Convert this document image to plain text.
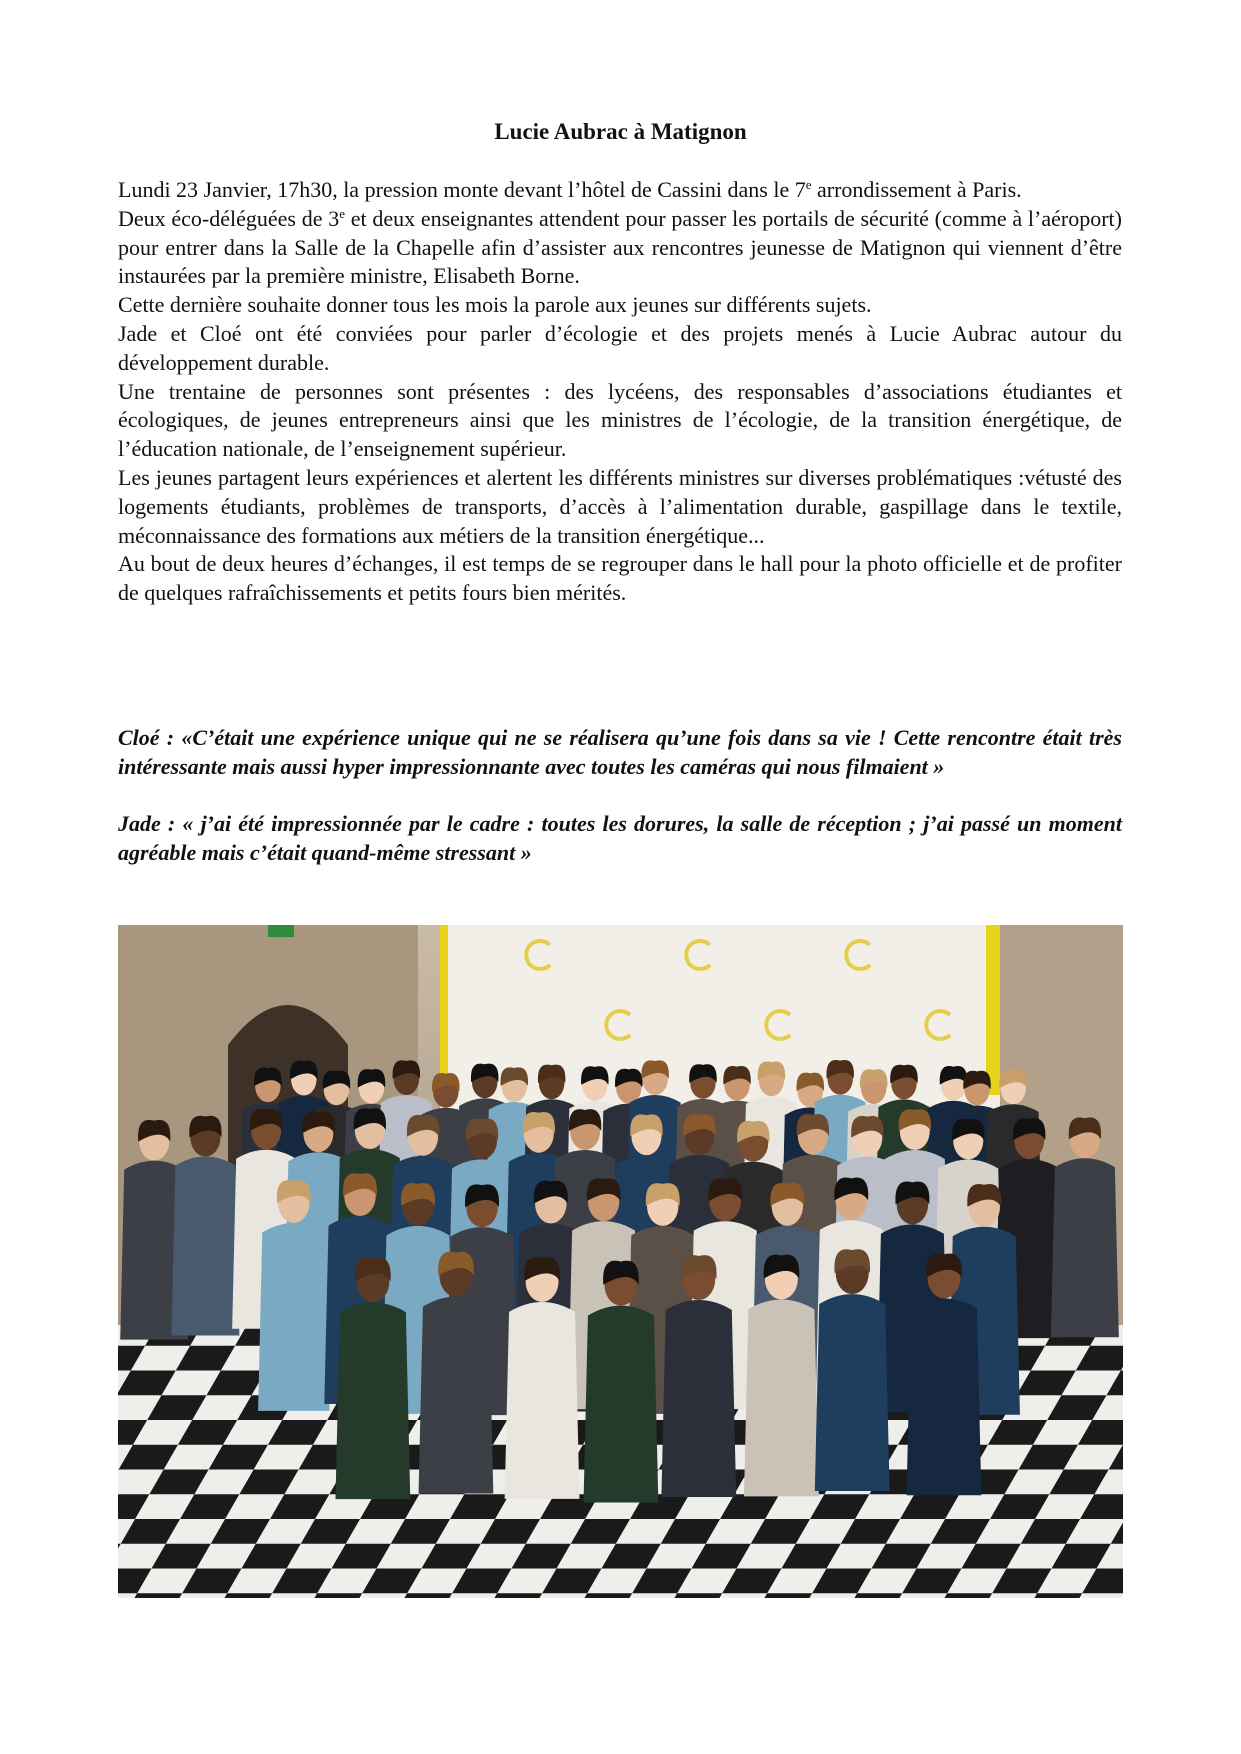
Lucie Aubrac à Matignon

Lundi 23 Janvier, 17h30, la pression monte devant l’hôtel de Cassini dans le 7e arrondissement à Paris.

Deux éco-déléguées de 3e et deux enseignantes attendent pour passer les portails de sécurité (comme à l’aéroport) pour entrer dans la Salle de la Chapelle afin d’assister aux rencontres jeunesse de Matignon qui viennent d’être instaurées par la première ministre, Elisabeth Borne.

Cette dernière souhaite donner tous les mois la parole aux jeunes sur différents sujets.

Jade et Cloé ont été conviées pour parler d’écologie et des projets menés à Lucie Aubrac autour du développement durable.

Une trentaine de personnes sont présentes : des lycéens, des responsables d’associations étudiantes et écologiques, de jeunes entrepreneurs ainsi que les ministres de l’écologie, de la transition énergétique, de l’éducation nationale, de l’enseignement supérieur.

Les jeunes partagent leurs expériences et alertent les différents ministres sur diverses problématiques :vétusté des logements étudiants, problèmes de transports, d’accès à l’alimentation durable, gaspillage dans le textile, méconnaissance des formations aux métiers de la transition énergétique...

Au bout de deux heures d’échanges, il est temps de se regrouper dans le hall pour la photo officielle et de profiter de quelques rafraîchissements et petits fours bien mérités.

Cloé : «C’était une expérience unique qui ne se réalisera qu’une fois dans sa vie ! Cette rencontre était très intéressante mais aussi hyper impressionnante avec toutes les caméras qui nous filmaient »

Jade : « j’ai été impressionnée par le cadre : toutes les dorures, la salle de réception ; j’ai passé un moment agréable mais c’était quand-même stressant »
